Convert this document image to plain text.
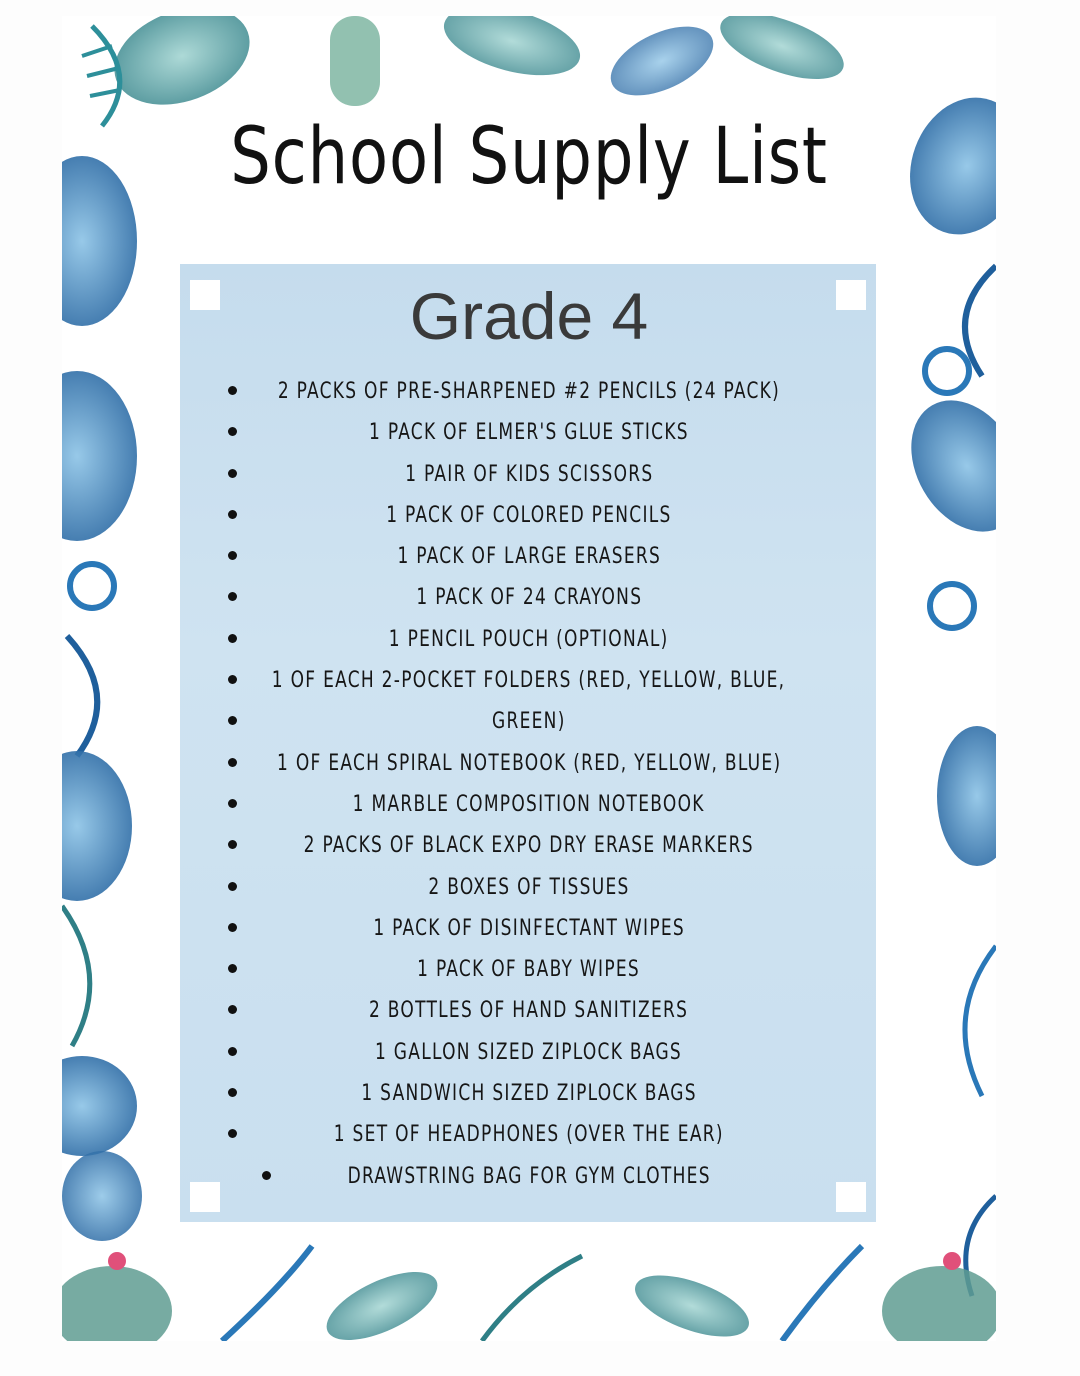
School Supply List
Grade 4
2 PACKS OF PRE-SHARPENED #2 PENCILS (24 PACK)
1 PACK OF ELMER'S GLUE STICKS
1 PAIR OF KIDS SCISSORS
1 PACK OF COLORED PENCILS
1 PACK OF LARGE ERASERS
1 PACK OF 24 CRAYONS
1 PENCIL POUCH (OPTIONAL)
1 OF EACH 2-POCKET FOLDERS (RED, YELLOW, BLUE,
GREEN)
1 OF EACH SPIRAL NOTEBOOK (RED, YELLOW, BLUE)
1 MARBLE COMPOSITION NOTEBOOK
2 PACKS OF BLACK EXPO DRY ERASE MARKERS
2 BOXES OF TISSUES
1 PACK OF DISINFECTANT WIPES
1 PACK OF BABY WIPES
2 BOTTLES OF HAND SANITIZERS
1 GALLON SIZED ZIPLOCK BAGS
1 SANDWICH SIZED ZIPLOCK BAGS
1 SET OF HEADPHONES (OVER THE EAR)
DRAWSTRING BAG FOR GYM CLOTHES
